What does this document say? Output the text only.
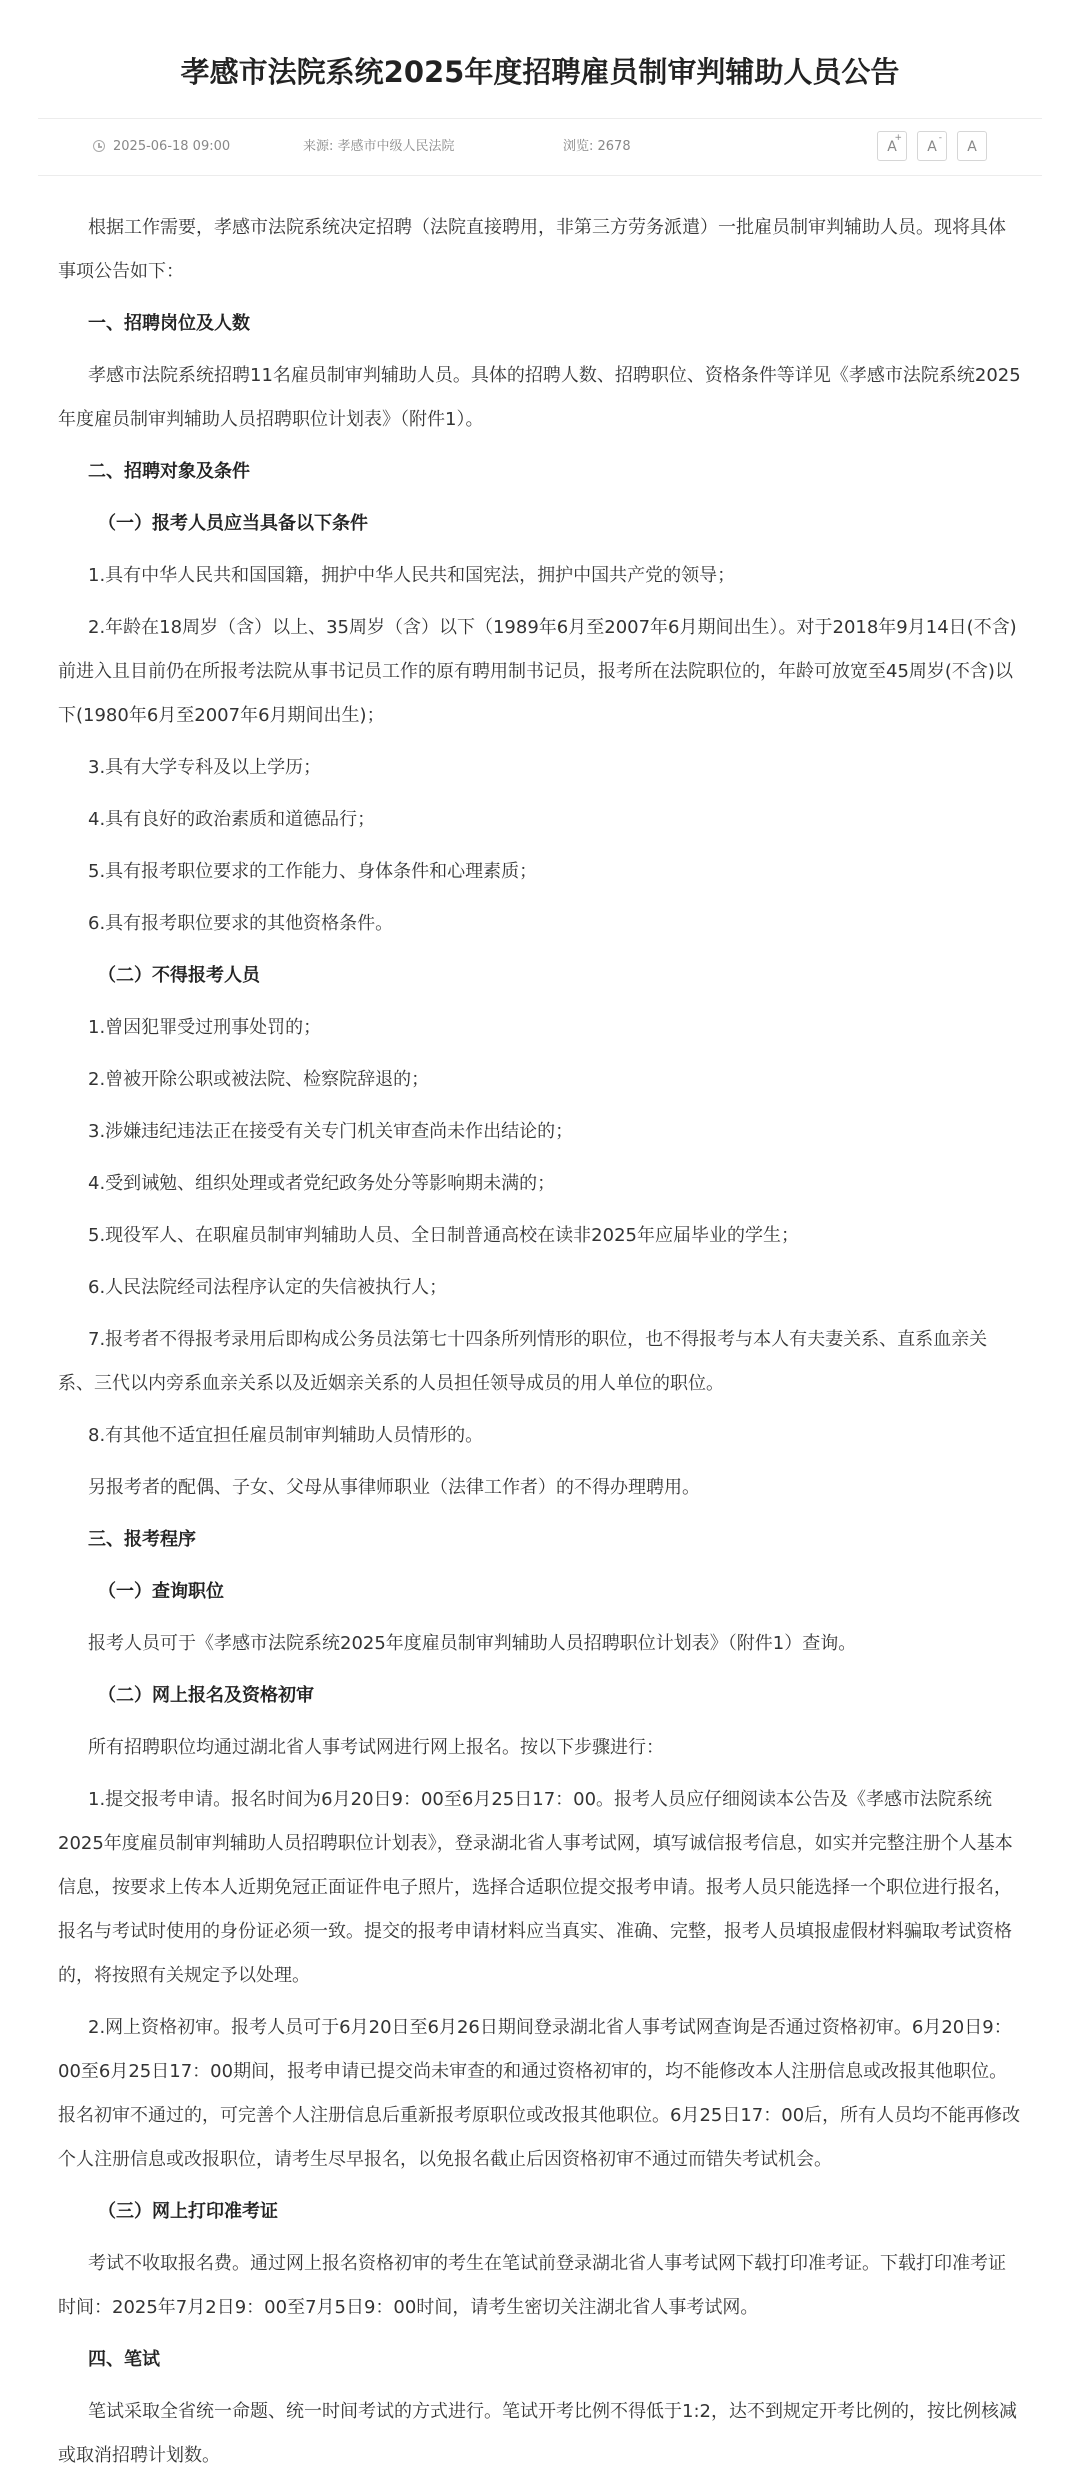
孝感市法院系统2025年度招聘雇员制审判辅助人员公告
2025-06-18 09:00	来源: 孝感市中级人民法院	浏览: 2678	A
+
A
-
A

根据工作需要，孝感市法院系统决定招聘（法院直接聘用，非第三方劳务派遣）一批雇员制审判辅助人员。现将具体事项公告如下：

一、招聘岗位及人数

孝感市法院系统招聘11名雇员制审判辅助人员。具体的招聘人数、招聘职位、资格条件等详见《孝感市法院系统2025年度雇员制审判辅助人员招聘职位计划表》（附件1）。

二、招聘对象及条件

（一）报考人员应当具备以下条件

1.具有中华人民共和国国籍，拥护中华人民共和国宪法，拥护中国共产党的领导；

2.年龄在18周岁（含）以上、35周岁（含）以下（1989年6月至2007年6月期间出生）。对于2018年9月14日(不含)前进入且目前仍在所报考法院从事书记员工作的原有聘用制书记员，报考所在法院职位的，年龄可放宽至45周岁(不含)以下(1980年6月至2007年6月期间出生)；

3.具有大学专科及以上学历；

4.具有良好的政治素质和道德品行；

5.具有报考职位要求的工作能力、身体条件和心理素质；

6.具有报考职位要求的其他资格条件。

（二）不得报考人员

1.曾因犯罪受过刑事处罚的；

2.曾被开除公职或被法院、检察院辞退的；

3.涉嫌违纪违法正在接受有关专门机关审查尚未作出结论的；

4.受到诫勉、组织处理或者党纪政务处分等影响期未满的；

5.现役军人、在职雇员制审判辅助人员、全日制普通高校在读非2025年应届毕业的学生；

6.人民法院经司法程序认定的失信被执行人；

7.报考者不得报考录用后即构成公务员法第七十四条所列情形的职位，也不得报考与本人有夫妻关系、直系血亲关系、三代以内旁系血亲关系以及近姻亲关系的人员担任领导成员的用人单位的职位。

8.有其他不适宜担任雇员制审判辅助人员情形的。

另报考者的配偶、子女、父母从事律师职业（法律工作者）的不得办理聘用。

三、报考程序

（一）查询职位

报考人员可于《孝感市法院系统2025年度雇员制审判辅助人员招聘职位计划表》（附件1）查询。

（二）网上报名及资格初审

所有招聘职位均通过湖北省人事考试网进行网上报名。按以下步骤进行：

1.提交报考申请。报名时间为6月20日9：00至6月25日17：00。报考人员应仔细阅读本公告及《孝感市法院系统2025年度雇员制审判辅助人员招聘职位计划表》，登录湖北省人事考试网，填写诚信报考信息，如实并完整注册个人基本信息，按要求上传本人近期免冠正面证件电子照片，选择合适职位提交报考申请。报考人员只能选择一个职位进行报名，报名与考试时使用的身份证必须一致。提交的报考申请材料应当真实、准确、完整，报考人员填报虚假材料骗取考试资格的，将按照有关规定予以处理。

2.网上资格初审。报考人员可于6月20日至6月26日期间登录湖北省人事考试网查询是否通过资格初审。6月20日9：00至6月25日17：00期间，报考申请已提交尚未审查的和通过资格初审的，均不能修改本人注册信息或改报其他职位。报名初审不通过的，可完善个人注册信息后重新报考原职位或改报其他职位。6月25日17：00后，所有人员均不能再修改个人注册信息或改报职位，请考生尽早报名，以免报名截止后因资格初审不通过而错失考试机会。

（三）网上打印准考证

考试不收取报名费。通过网上报名资格初审的考生在笔试前登录湖北省人事考试网下载打印准考证。下载打印准考证时间：2025年7月2日9：00至7月5日9：00时间，请考生密切关注湖北省人事考试网。

四、笔试

笔试采取全省统一命题、统一时间考试的方式进行。笔试开考比例不得低于1:2，达不到规定开考比例的，按比例核减或取消招聘计划数。
